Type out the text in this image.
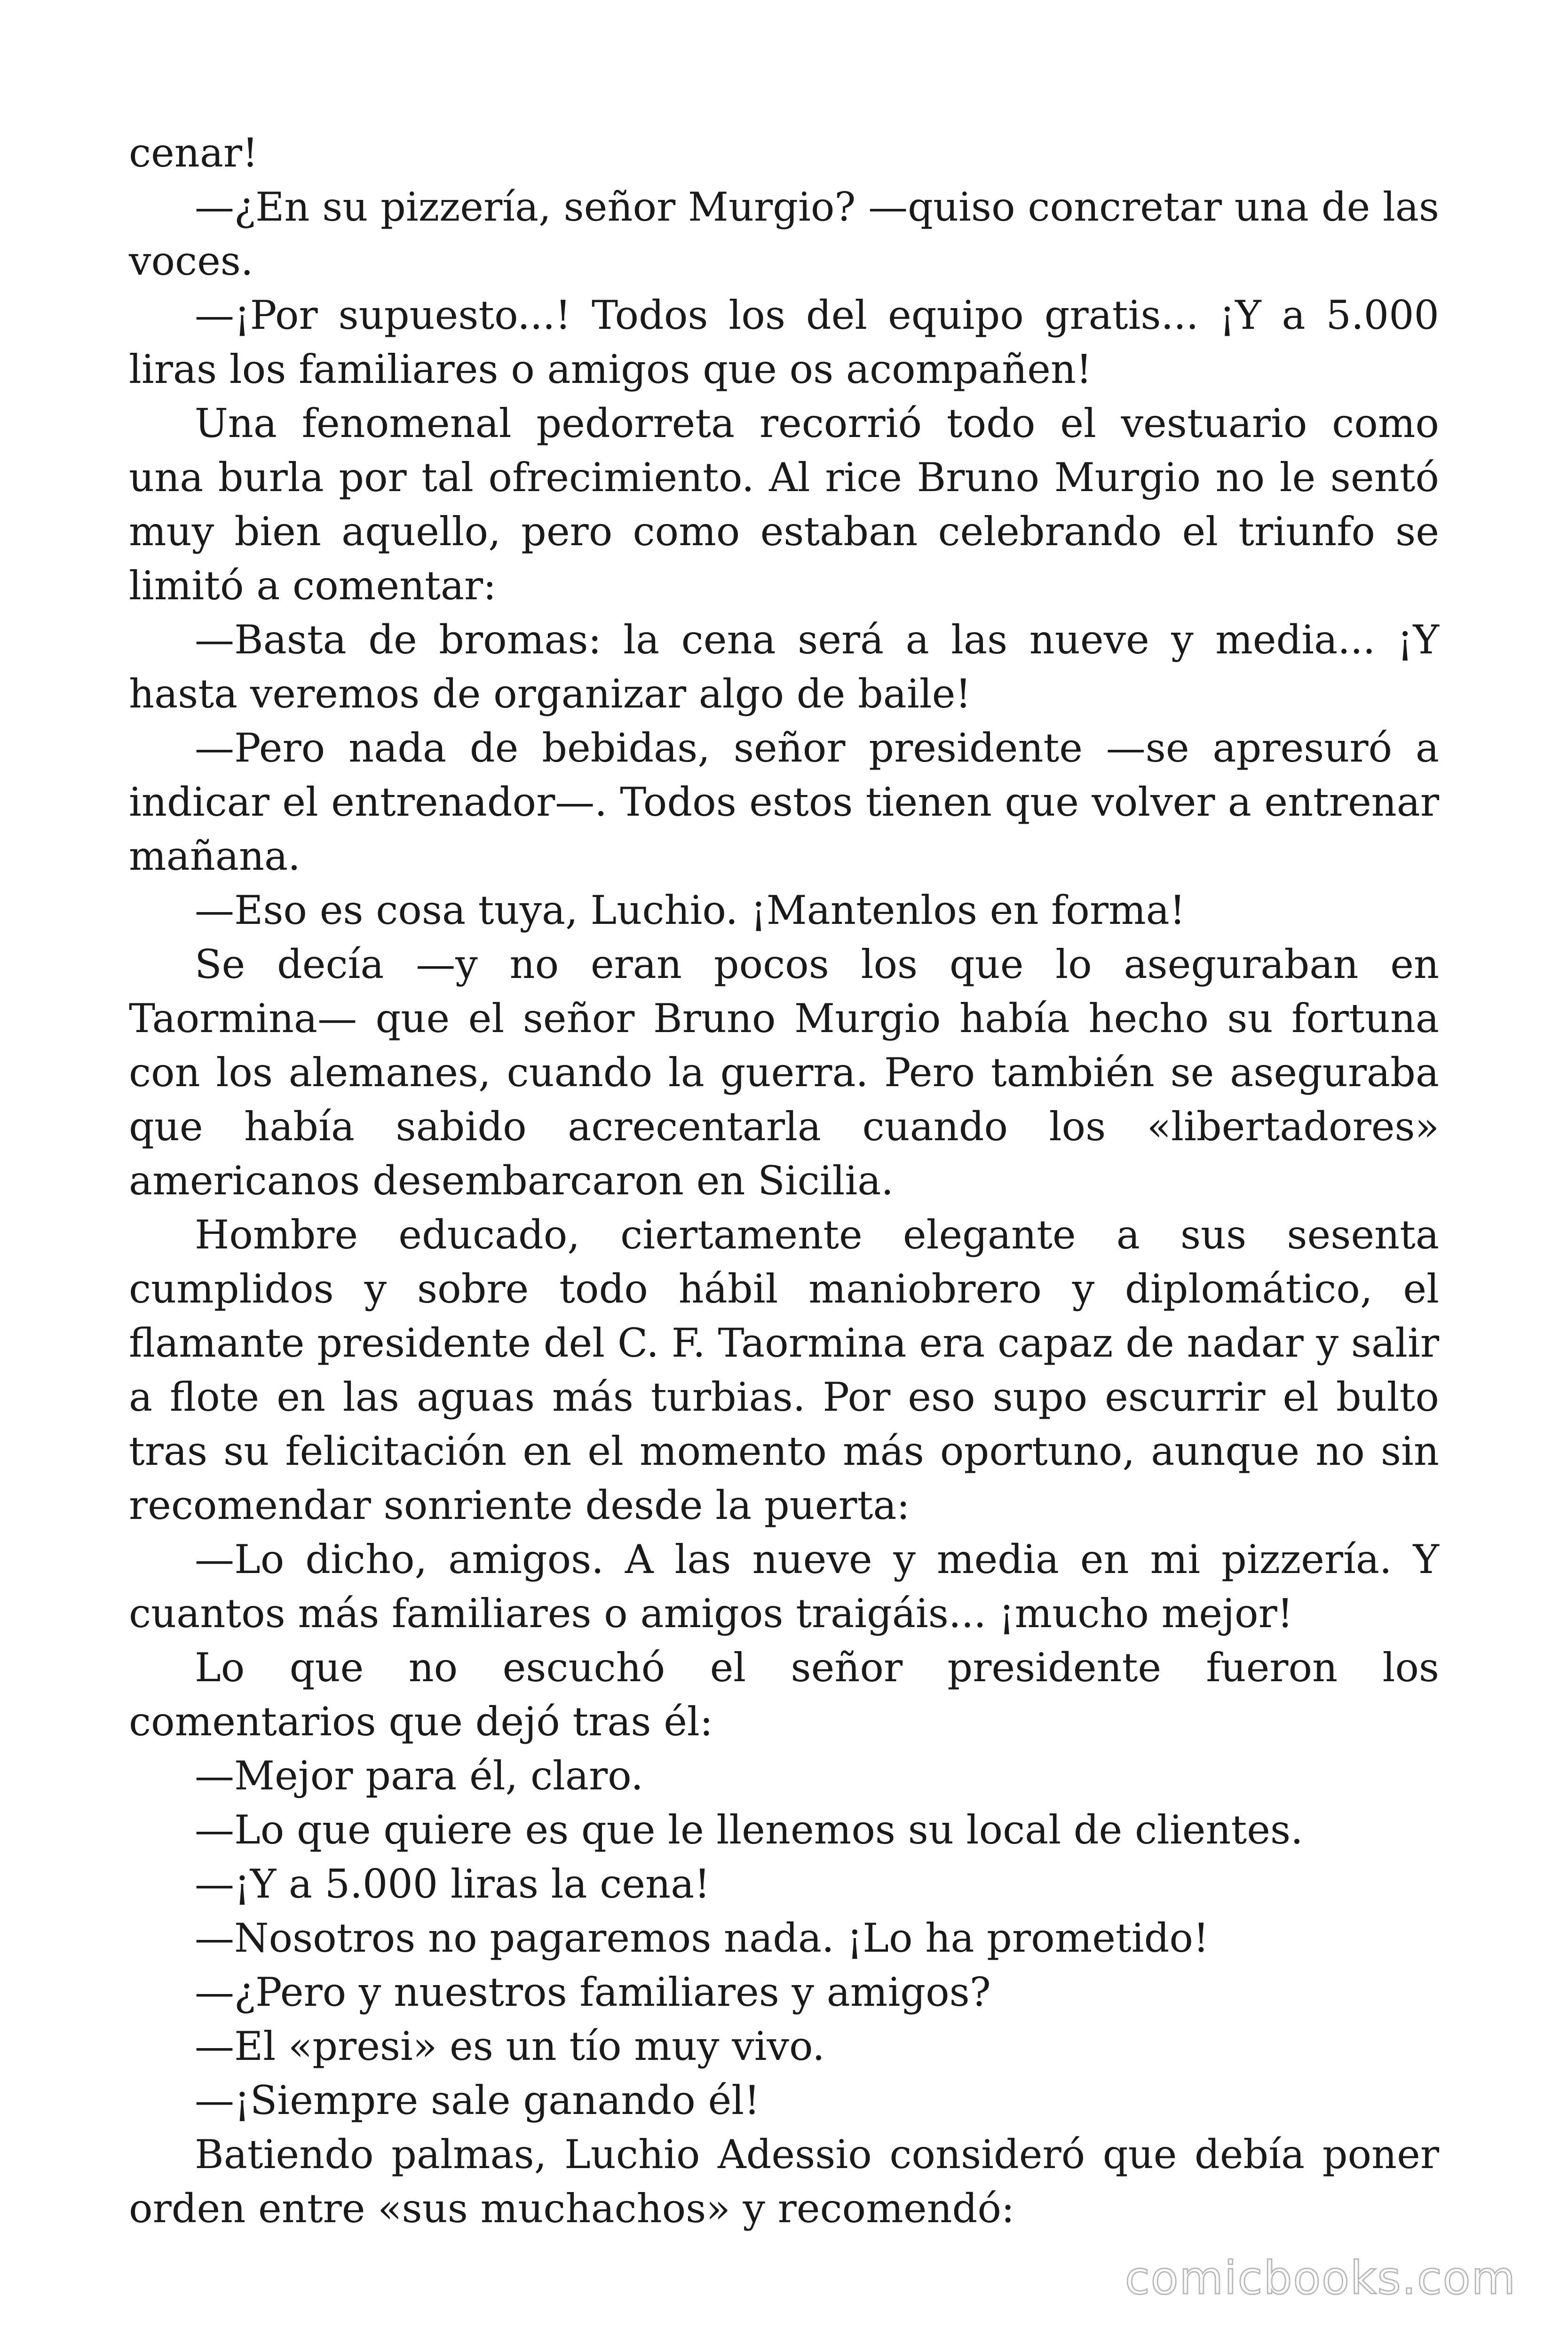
cenar!

—¿En su pizzería, señor Murgio? —quiso concretar una de las voces.

—¡Por supuesto...! Todos los del equipo gratis... ¡Y a 5.000 liras los familiares o amigos que os acompañen!

Una fenomenal pedorreta recorrió todo el vestuario como una burla por tal ofrecimiento. Al rice Bruno Murgio no le sentó muy bien aquello, pero como estaban celebrando el triunfo se limitó a comentar:

—Basta de bromas: la cena será a las nueve y media... ¡Y hasta veremos de organizar algo de baile!

—Pero nada de bebidas, señor presidente —se apresuró a indicar el entrenador—. Todos estos tienen que volver a entrenar mañana.

—Eso es cosa tuya, Luchio. ¡Mantenlos en forma!

Se decía —y no eran pocos los que lo aseguraban en Taormina— que el señor Bruno Murgio había hecho su fortuna con los alemanes, cuando la guerra. Pero también se aseguraba que había sabido acrecentarla cuando los «libertadores» americanos desembarcaron en Sicilia.

Hombre educado, ciertamente elegante a sus sesenta cumplidos y sobre todo hábil maniobrero y diplomático, el flamante presidente del C. F. Taormina era capaz de nadar y salir a flote en las aguas más turbias. Por eso supo escurrir el bulto tras su felicitación en el momento más oportuno, aunque no sin recomendar sonriente desde la puerta:

—Lo dicho, amigos. A las nueve y media en mi pizzería. Y cuantos más familiares o amigos traigáis... ¡mucho mejor!

Lo que no escuchó el señor presidente fueron los comentarios que dejó tras él:

—Mejor para él, claro.

—Lo que quiere es que le llenemos su local de clientes.

—¡Y a 5.000 liras la cena!

—Nosotros no pagaremos nada. ¡Lo ha prometido!

—¿Pero y nuestros familiares y amigos?

—El «presi» es un tío muy vivo.

—¡Siempre sale ganando él!

Batiendo palmas, Luchio Adessio consideró que debía poner orden entre «sus muchachos» y recomendó:

comicbooks.com
